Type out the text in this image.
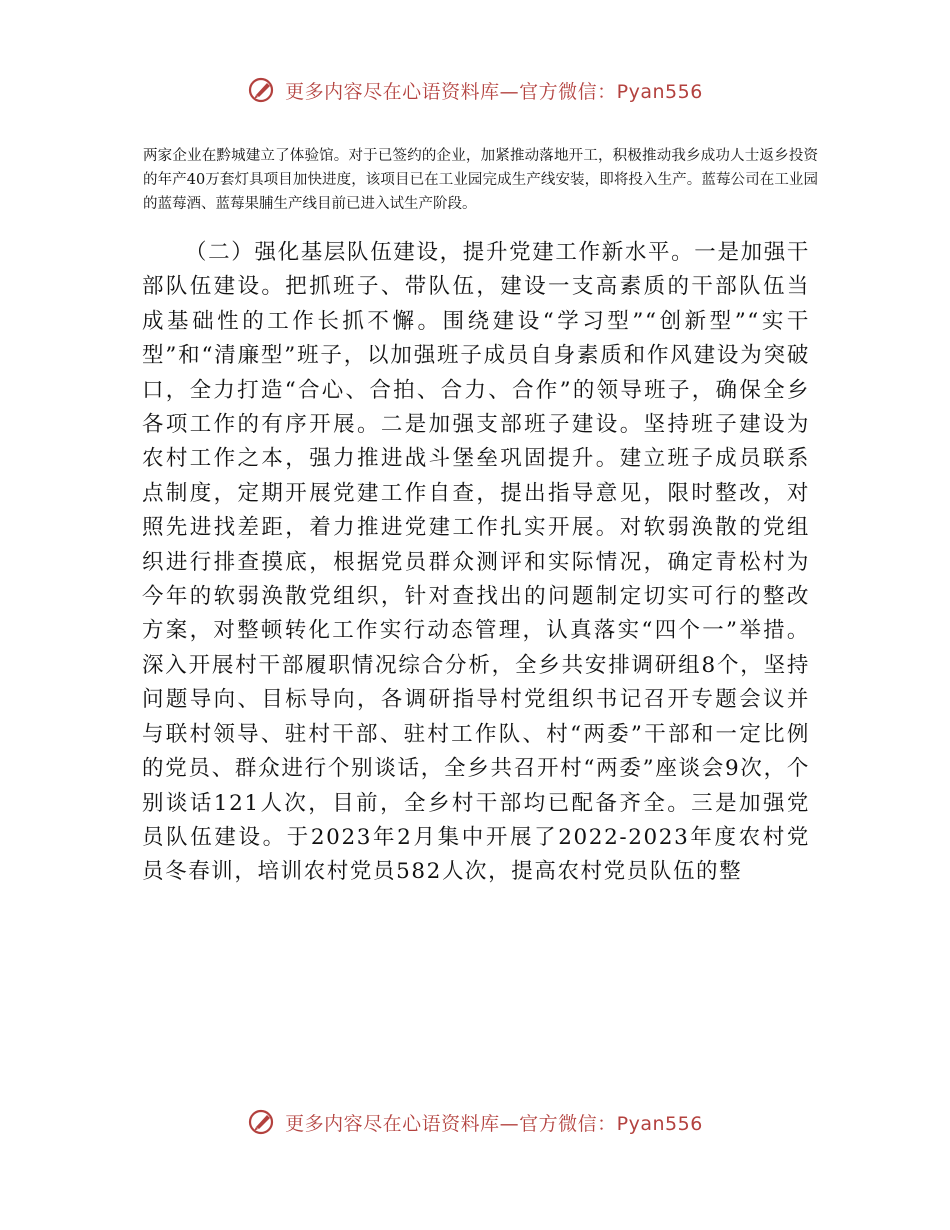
更多内容尽在心语资料库—官方微信：Pyan556

两家企业在黔城建立了体验馆。对于已签约的企业，加紧推动落地开工，积极推动我乡成功人士返乡投资的年产40万套灯具项目加快进度，该项目已在工业园完成生产线安装，即将投入生产。蓝莓公司在工业园的蓝莓酒、蓝莓果脯生产线目前已进入试生产阶段。

（二）强化基层队伍建设，提升党建工作新水平。一是加强干部队伍建设。把抓班子、带队伍，建设一支高素质的干部队伍当成基础性的工作长抓不懈。围绕建设“学习型”“创新型”“实干型”和“清廉型”班子，以加强班子成员自身素质和作风建设为突破口，全力打造“合心、合拍、合力、合作”的领导班子，确保全乡各项工作的有序开展。二是加强支部班子建设。坚持班子建设为农村工作之本，强力推进战斗堡垒巩固提升。建立班子成员联系点制度，定期开展党建工作自查，提出指导意见，限时整改，对照先进找差距，着力推进党建工作扎实开展。对软弱涣散的党组织进行排查摸底，根据党员群众测评和实际情况，确定青松村为今年的软弱涣散党组织，针对查找出的问题制定切实可行的整改方案，对整顿转化工作实行动态管理，认真落实“四个一”举措。深入开展村干部履职情况综合分析，全乡共安排调研组8个，坚持问题导向、目标导向，各调研指导村党组织书记召开专题会议并与联村领导、驻村干部、驻村工作队、村“两委”干部和一定比例的党员、群众进行个别谈话，全乡共召开村“两委”座谈会9次，个别谈话121人次，目前，全乡村干部均已配备齐全。三是加强党员队伍建设。于2023年2月集中开展了2022-2023年度农村党员冬春训，培训农村党员582人次，提高农村党员队伍的整

更多内容尽在心语资料库—官方微信：Pyan556
